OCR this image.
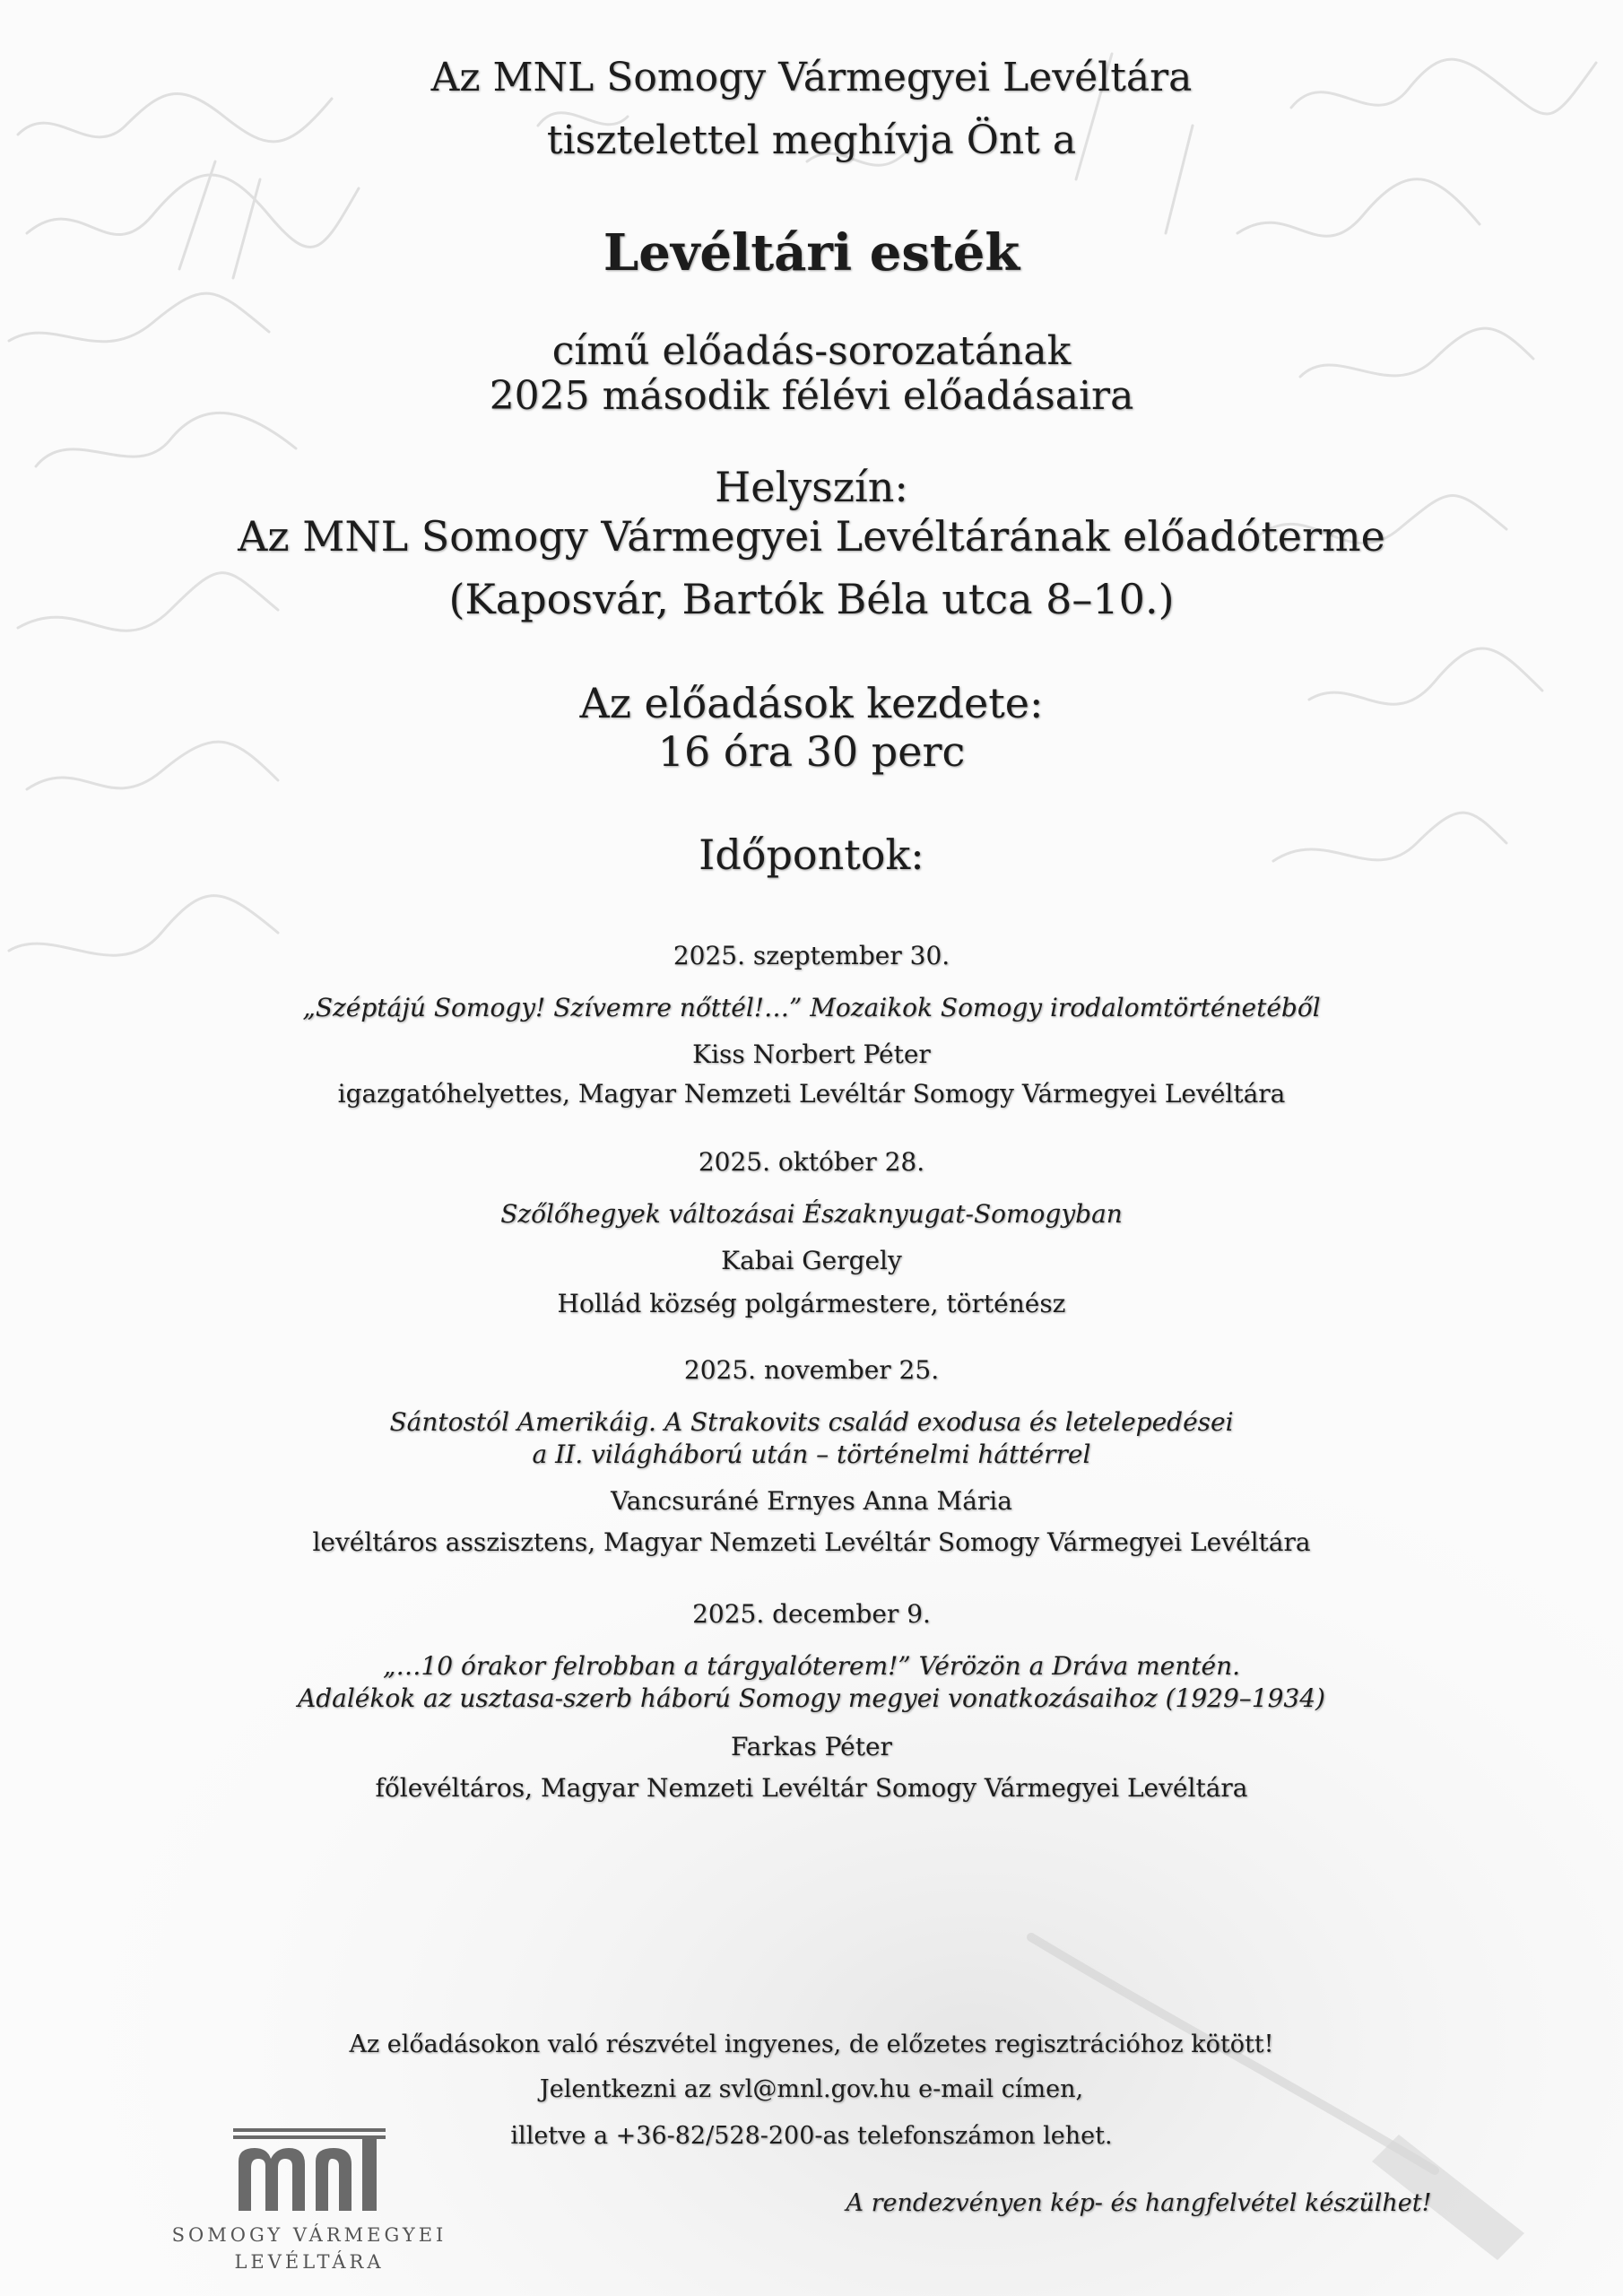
Az MNL Somogy Vármegyei Levéltára
tisztelettel meghívja Önt a
Levéltári esték
című előadás-sorozatának
2025 második félévi előadásaira
Helyszín:
Az MNL Somogy Vármegyei Levéltárának előadóterme
(Kaposvár, Bartók Béla utca 8–10.)
Az előadások kezdete:
16 óra 30 perc
Időpontok:
2025. szeptember 30.
„Széptájú Somogy! Szívemre nőttél!…” Mozaikok Somogy irodalomtörténetéből
Kiss Norbert Péter
igazgatóhelyettes, Magyar Nemzeti Levéltár Somogy Vármegyei Levéltára
2025. október 28.
Szőlőhegyek változásai Északnyugat-Somogyban
Kabai Gergely
Hollád község polgármestere, történész
2025. november 25.
Sántostól Amerikáig. A Strakovits család exodusa és letelepedései
a II. világháború után – történelmi háttérrel
Vancsuráné Ernyes Anna Mária
levéltáros asszisztens, Magyar Nemzeti Levéltár Somogy Vármegyei Levéltára
2025. december 9.
„…10 órakor felrobban a tárgyalóterem!” Vérözön a Dráva mentén.
Adalékok az usztasa-szerb háború Somogy megyei vonatkozásaihoz (1929–1934)
Farkas Péter
főlevéltáros, Magyar Nemzeti Levéltár Somogy Vármegyei Levéltára
Az előadásokon való részvétel ingyenes, de előzetes regisztrációhoz kötött!
Jelentkezni az svl@mnl.gov.hu e-mail címen,
illetve a +36-82/528-200-as telefonszámon lehet.
SOMOGY VÁRMEGYEI
LEVÉLTÁRA
A rendezvényen kép- és hangfelvétel készülhet!
